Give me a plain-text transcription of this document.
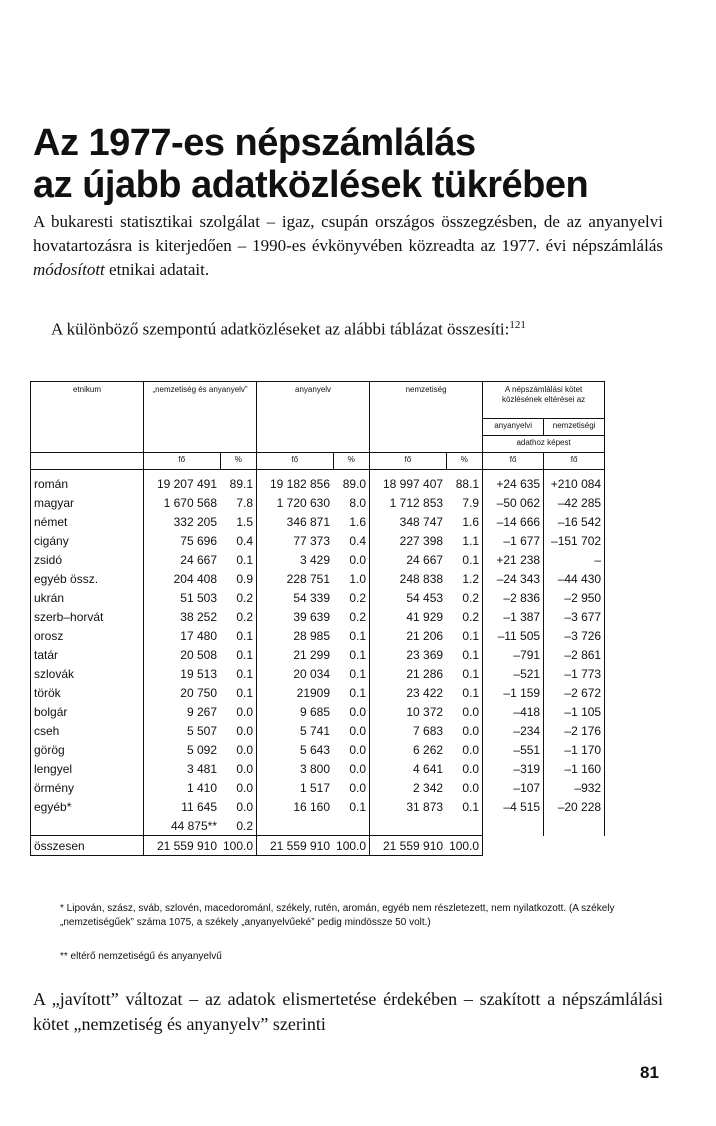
Az 1977-es népszámlálás
az újabb adatközlések tükrében

A bukaresti statisztikai szolgálat – igaz, csupán országos összegzésben, de az anyanyelvi hovatartozásra is kiterjedően – 1990-es évkönyvében közreadta az 1977. évi népszámlálás módosított etnikai adatait.

A különböző szempontú adatközléseket az alábbi táblázat összesíti:$^{121}$

etnikum	„nemzetiség és anyanyelv”		anyanyelv		nemzetiség		A népszámlálási kötet közlésének eltérései az	
							anyanyelvi	nemzetiségi
							adathoz képest	
	fő	%	fő	%	fő	%	fő	fő
román	19 207 491	89.1	19 182 856	89.0	18 997 407	88.1	+24 635	+210 084
magyar	1 670 568	7.8	1 720 630	8.0	1 712 853	7.9	–50 062	–42 285
német	332 205	1.5	346 871	1.6	348 747	1.6	–14 666	–16 542
cigány	75 696	0.4	77 373	0.4	227 398	1.1	–1 677	–151 702
zsidó	24 667	0.1	3 429	0.0	24 667	0.1	+21 238	–
egyéb össz.	204 408	0.9	228 751	1.0	248 838	1.2	–24 343	–44 430
ukrán	51 503	0.2	54 339	0.2	54 453	0.2	–2 836	–2 950
szerb–horvát	38 252	0.2	39 639	0.2	41 929	0.2	–1 387	–3 677
orosz	17 480	0.1	28 985	0.1	21 206	0.1	–11 505	–3 726
tatár	20 508	0.1	21 299	0.1	23 369	0.1	–791	–2 861
szlovák	19 513	0.1	20 034	0.1	21 286	0.1	–521	–1 773
török	20 750	0.1	21909	0.1	23 422	0.1	–1 159	–2 672
bolgár	9 267	0.0	9 685	0.0	10 372	0.0	–418	–1 105
cseh	5 507	0.0	5 741	0.0	7 683	0.0	–234	–2 176
görög	5 092	0.0	5 643	0.0	6 262	0.0	–551	–1 170
lengyel	3 481	0.0	3 800	0.0	4 641	0.0	–319	–1 160
örmény	1 410	0.0	1 517	0.0	2 342	0.0	–107	–932
egyéb*	11 645	0.0	16 160	0.1	31 873	0.1	–4 515	–20 228
	44 875**	0.2						
összesen	21 559 910	100.0	21 559 910	100.0	21 559 910	100.0		
* Lipován, szász, sváb, szlovén, macedorománl, székely, rutén, aromán, egyéb nem részletezett, nem nyilatkozott. (A székely „nemzetiségűek” száma 1075, a székely „anyanyelvűeké” pedig mindössze 50 volt.)
** eltérő nemzetiségű és anyanyelvű

A „javított” változat – az adatok elismertetése érdekében – szakított a népszámlálási kötet „nemzetiség és anyanyelv” szerinti

81
